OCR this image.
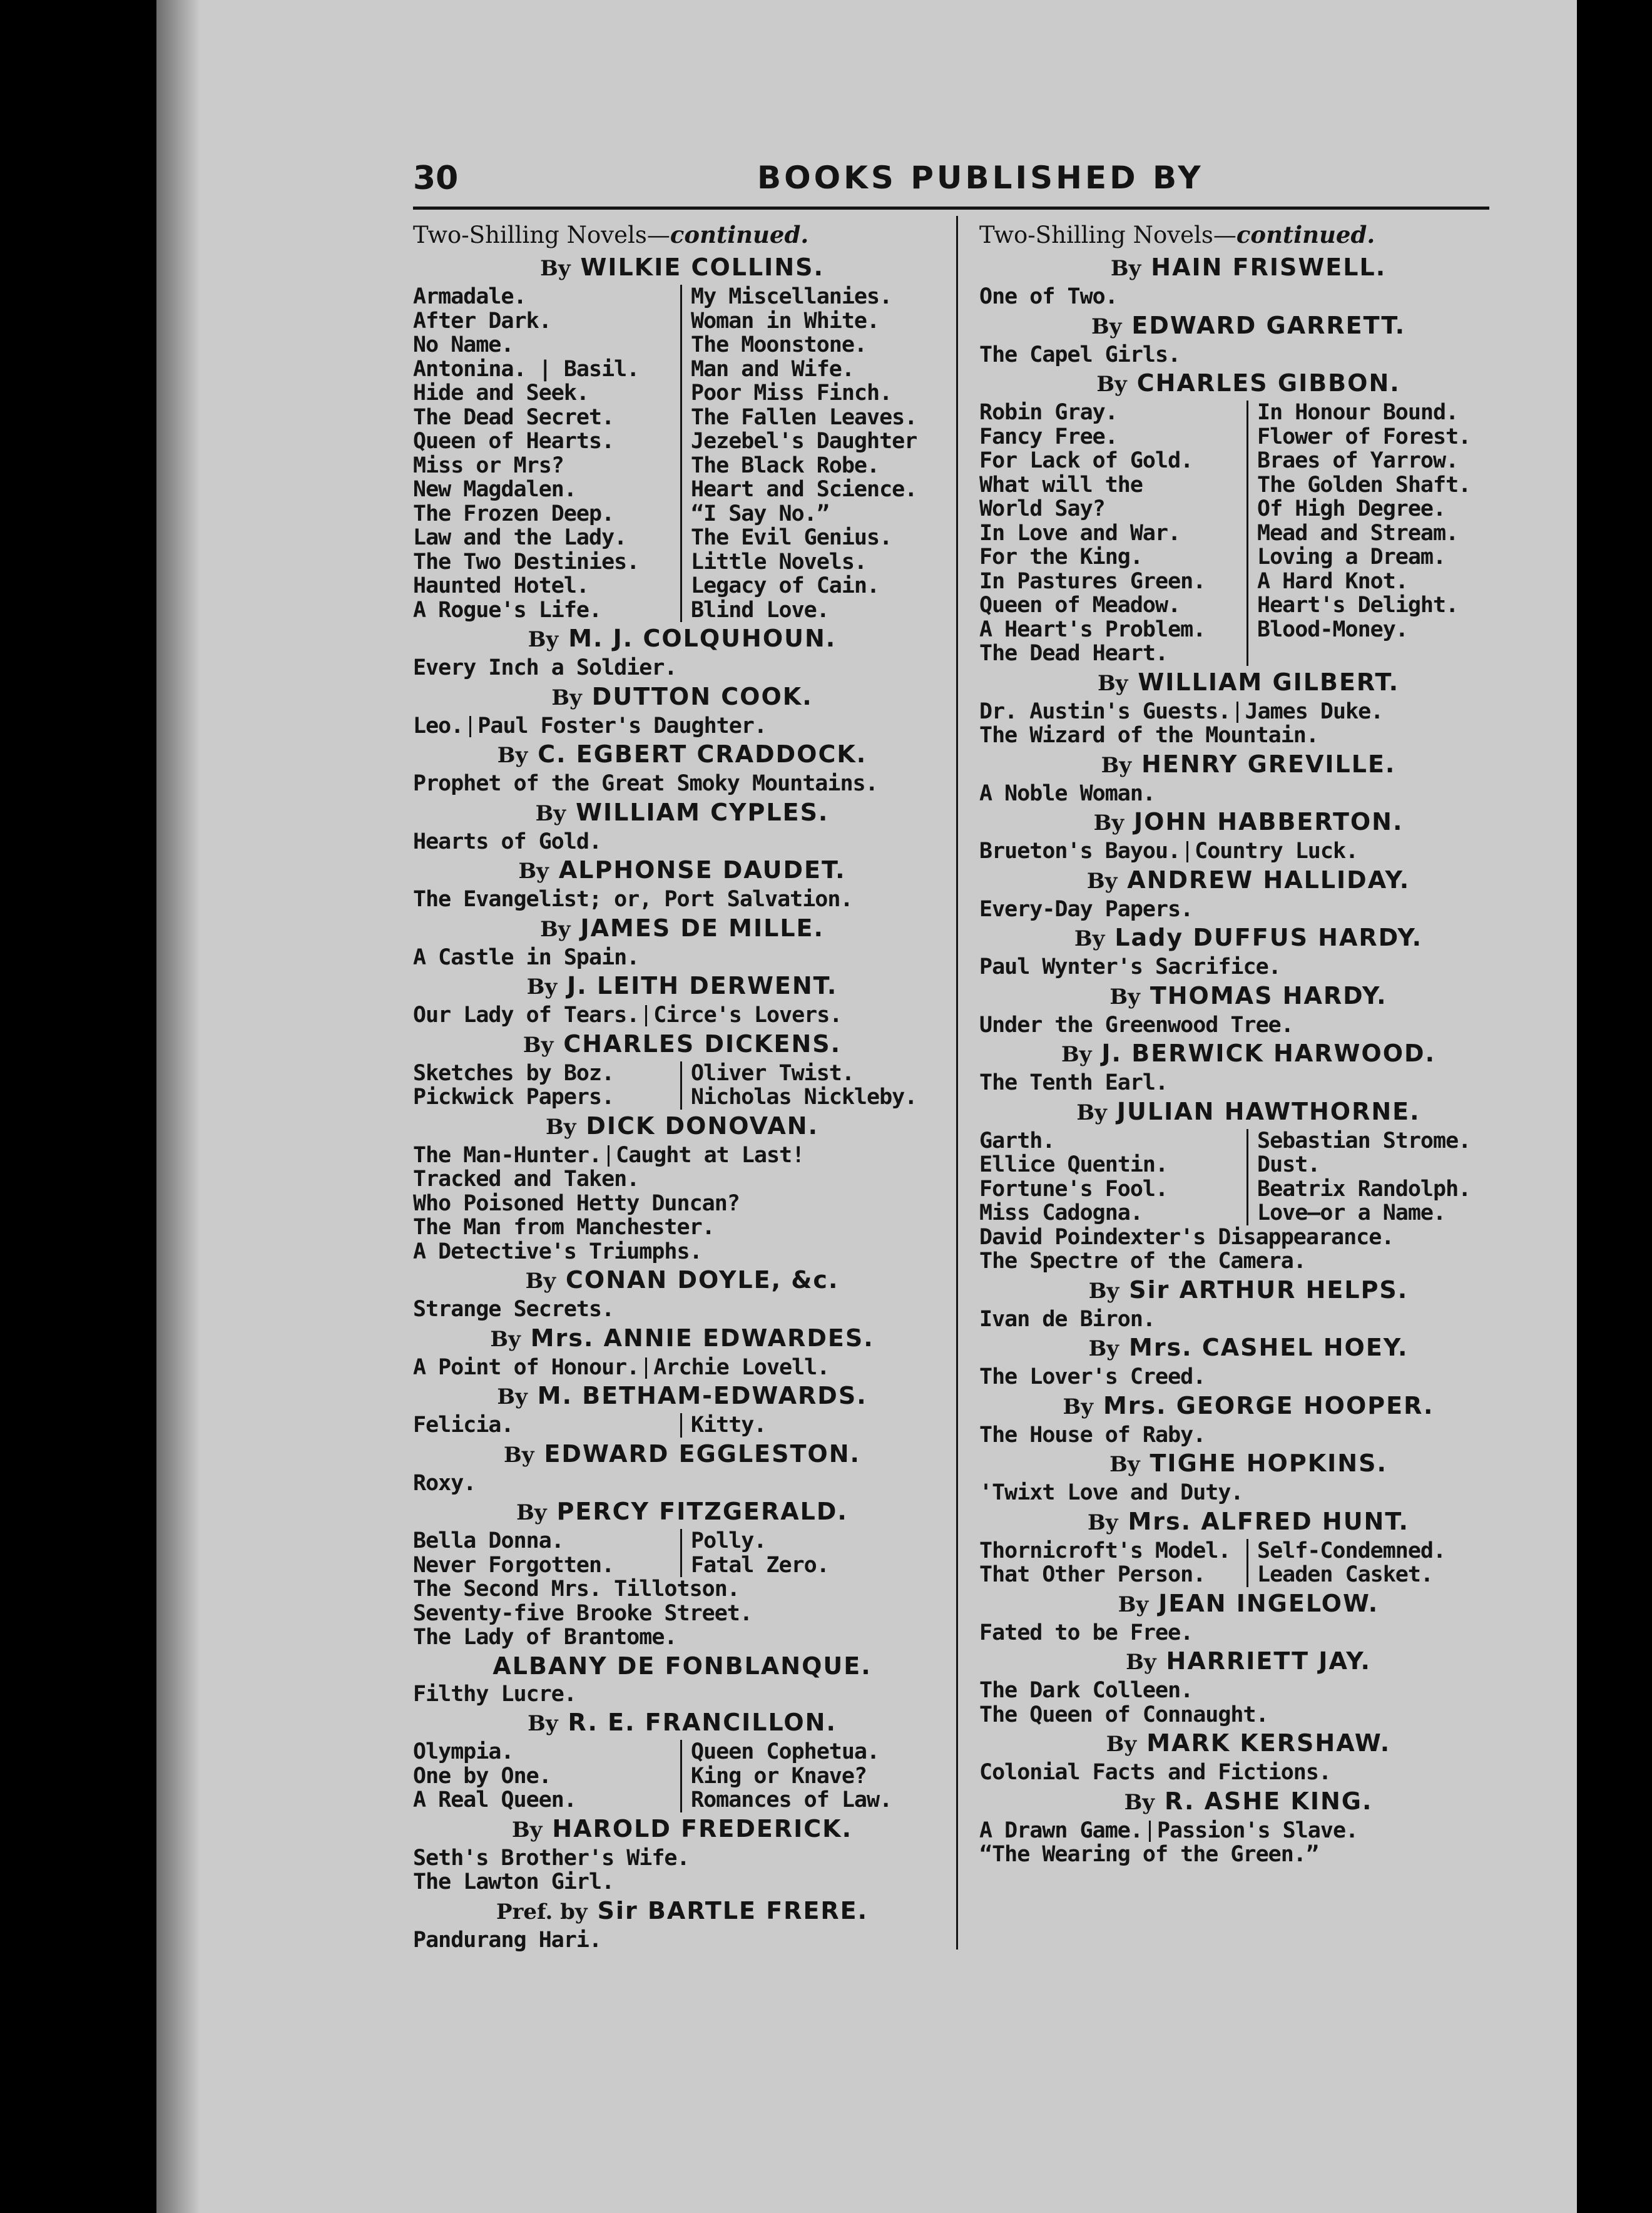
30	BOOKS PUBLISHED BY

Two-Shilling Novels—continued.

By WILKIE COLLINS.
Armadale.
After Dark.
No Name.
Antonina. | Basil.
Hide and Seek.
The Dead Secret.
Queen of Hearts.
Miss or Mrs?
New Magdalen.
The Frozen Deep.
Law and the Lady.
The Two Destinies.
Haunted Hotel.
A Rogue's Life.
My Miscellanies.
Woman in White.
The Moonstone.
Man and Wife.
Poor Miss Finch.
The Fallen Leaves.
Jezebel's Daughter
The Black Robe.
Heart and Science.
“I Say No.”
The Evil Genius.
Little Novels.
Legacy of Cain.
Blind Love.
By M. J. COLQUHOUN.
Every Inch a Soldier.
By DUTTON COOK.
Leo. Paul Foster's Daughter.
By C. EGBERT CRADDOCK.
Prophet of the Great Smoky Mountains.
By WILLIAM CYPLES.
Hearts of Gold.
By ALPHONSE DAUDET.
The Evangelist; or, Port Salvation.
By JAMES DE MILLE.
A Castle in Spain.
By J. LEITH DERWENT.
Our Lady of Tears. Circe's Lovers.
By CHARLES DICKENS.
Sketches by Boz.
Pickwick Papers.
Oliver Twist.
Nicholas Nickleby.
By DICK DONOVAN.
The Man-Hunter. Caught at Last!
Tracked and Taken.
Who Poisoned Hetty Duncan?
The Man from Manchester.
A Detective's Triumphs.
By CONAN DOYLE, &c.
Strange Secrets.
By Mrs. ANNIE EDWARDES.
A Point of Honour. Archie Lovell.
By M. BETHAM-EDWARDS.
Felicia.	Kitty.
By EDWARD EGGLESTON.
Roxy.
By PERCY FITZGERALD.
Bella Donna.
Never Forgotten.
Polly.
Fatal Zero.
The Second Mrs. Tillotson.
Seventy-five Brooke Street.
The Lady of Brantome.
ALBANY DE FONBLANQUE.
Filthy Lucre.
By R. E. FRANCILLON.
Olympia.
One by One.
A Real Queen.
Queen Cophetua.
King or Knave?
Romances of Law.
By HAROLD FREDERICK.
Seth's Brother's Wife.
The Lawton Girl.
Pref. by Sir BARTLE FRERE.
Pandurang Hari.

Two-Shilling Novels—continued.

By HAIN FRISWELL.
One of Two.
By EDWARD GARRETT.
The Capel Girls.
By CHARLES GIBBON.
Robin Gray.
Fancy Free.
For Lack of Gold.
What will the
World Say?
In Love and War.
For the King.
In Pastures Green.
Queen of Meadow.
A Heart's Problem.
The Dead Heart.
In Honour Bound.
Flower of Forest.
Braes of Yarrow.
The Golden Shaft.
Of High Degree.
Mead and Stream.
Loving a Dream.
A Hard Knot.
Heart's Delight.
Blood-Money.
By WILLIAM GILBERT.
Dr. Austin's Guests. James Duke.
The Wizard of the Mountain.
By HENRY GREVILLE.
A Noble Woman.
By JOHN HABBERTON.
Brueton's Bayou. Country Luck.
By ANDREW HALLIDAY.
Every-Day Papers.
By Lady DUFFUS HARDY.
Paul Wynter's Sacrifice.
By THOMAS HARDY.
Under the Greenwood Tree.
By J. BERWICK HARWOOD.
The Tenth Earl.
By JULIAN HAWTHORNE.
Garth.
Ellice Quentin.
Fortune's Fool.
Miss Cadogna.
Sebastian Strome.
Dust.
Beatrix Randolph.
Love—or a Name.
David Poindexter's Disappearance.
The Spectre of the Camera.
By Sir ARTHUR HELPS.
Ivan de Biron.
By Mrs. CASHEL HOEY.
The Lover's Creed.
By Mrs. GEORGE HOOPER.
The House of Raby.
By TIGHE HOPKINS.
'Twixt Love and Duty.
By Mrs. ALFRED HUNT.
Thornicroft's Model.
That Other Person.
Self-Condemned.
Leaden Casket.
By JEAN INGELOW.
Fated to be Free.
By HARRIETT JAY.
The Dark Colleen.
The Queen of Connaught.
By MARK KERSHAW.
Colonial Facts and Fictions.
By R. ASHE KING.
A Drawn Game. Passion's Slave.
“The Wearing of the Green.”
